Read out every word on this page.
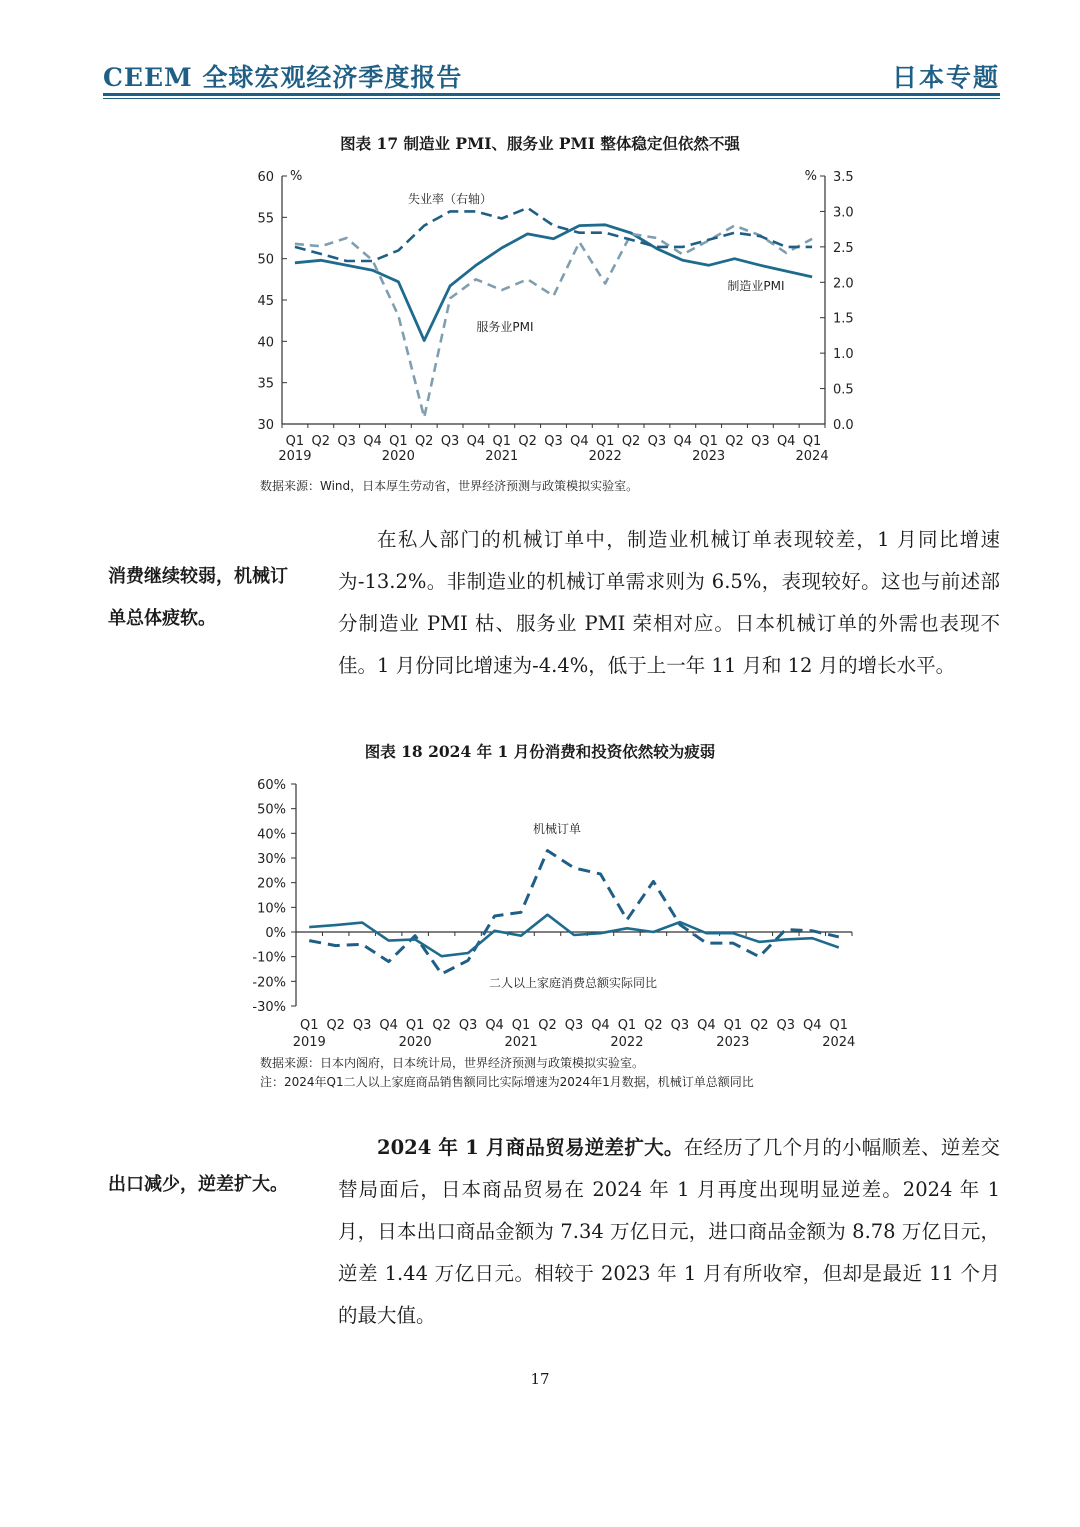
CEEM 全球宏观经济季度报告	日本专题
图表 17 制造业 PMI、服务业 PMI 整体稳定但依然不强
30
35
40
45
50
55
60
0.0
0.5
1.0
1.5
2.0
2.5
3.0
3.5
%	%
Q1 Q2 Q3 Q4 Q1 Q2 Q3 Q4 Q1 Q2 Q3 Q4 Q1 Q2 Q3 Q4 Q1 Q2 Q3 Q4 Q1
2019	2020	2021	2022	2023	2024
失业率（右轴）
制造业PMI
服务业PMI
数据来源：Wind，日本厚生劳动省，世界经济预测与政策模拟实验室。
消费继续较弱，机械订单总体疲软。
在私人部门的机械订单中，制造业机械订单表现较差，1 月同比增速为-13.2%。非制造业的机械订单需求则为 6.5%，表现较好。这也与前述部分制造业 PMI 枯、服务业 PMI 荣相对应。日本机械订单的外需也表现不佳。1 月份同比增速为-4.4%，低于上一年 11 月和 12 月的增长水平。
图表 18 2024 年 1 月份消费和投资依然较为疲弱
-30%
-20%
-10%
0%
10%
20%
30%
40%
50%
60%
Q1 Q2 Q3 Q4 Q1 Q2 Q3 Q4 Q1 Q2 Q3 Q4 Q1 Q2 Q3 Q4 Q1 Q2 Q3 Q4 Q1
2019	2020	2021	2022	2023	2024
机械订单
二人以上家庭消费总额实际同比
数据来源：日本内阁府，日本统计局，世界经济预测与政策模拟实验室。
注：2024年Q1二人以上家庭商品销售额同比实际增速为2024年1月数据，机械订单总额同比
出口减少，逆差扩大。
2024 年 1 月商品贸易逆差扩大。在经历了几个月的小幅顺差、逆差交替局面后，日本商品贸易在 2024 年 1 月再度出现明显逆差。2024 年 1 月，日本出口商品金额为 7.34 万亿日元，进口商品金额为 8.78 万亿日元，逆差 1.44 万亿日元。相较于 2023 年 1 月有所收窄，但却是最近 11 个月的最大值。
17
